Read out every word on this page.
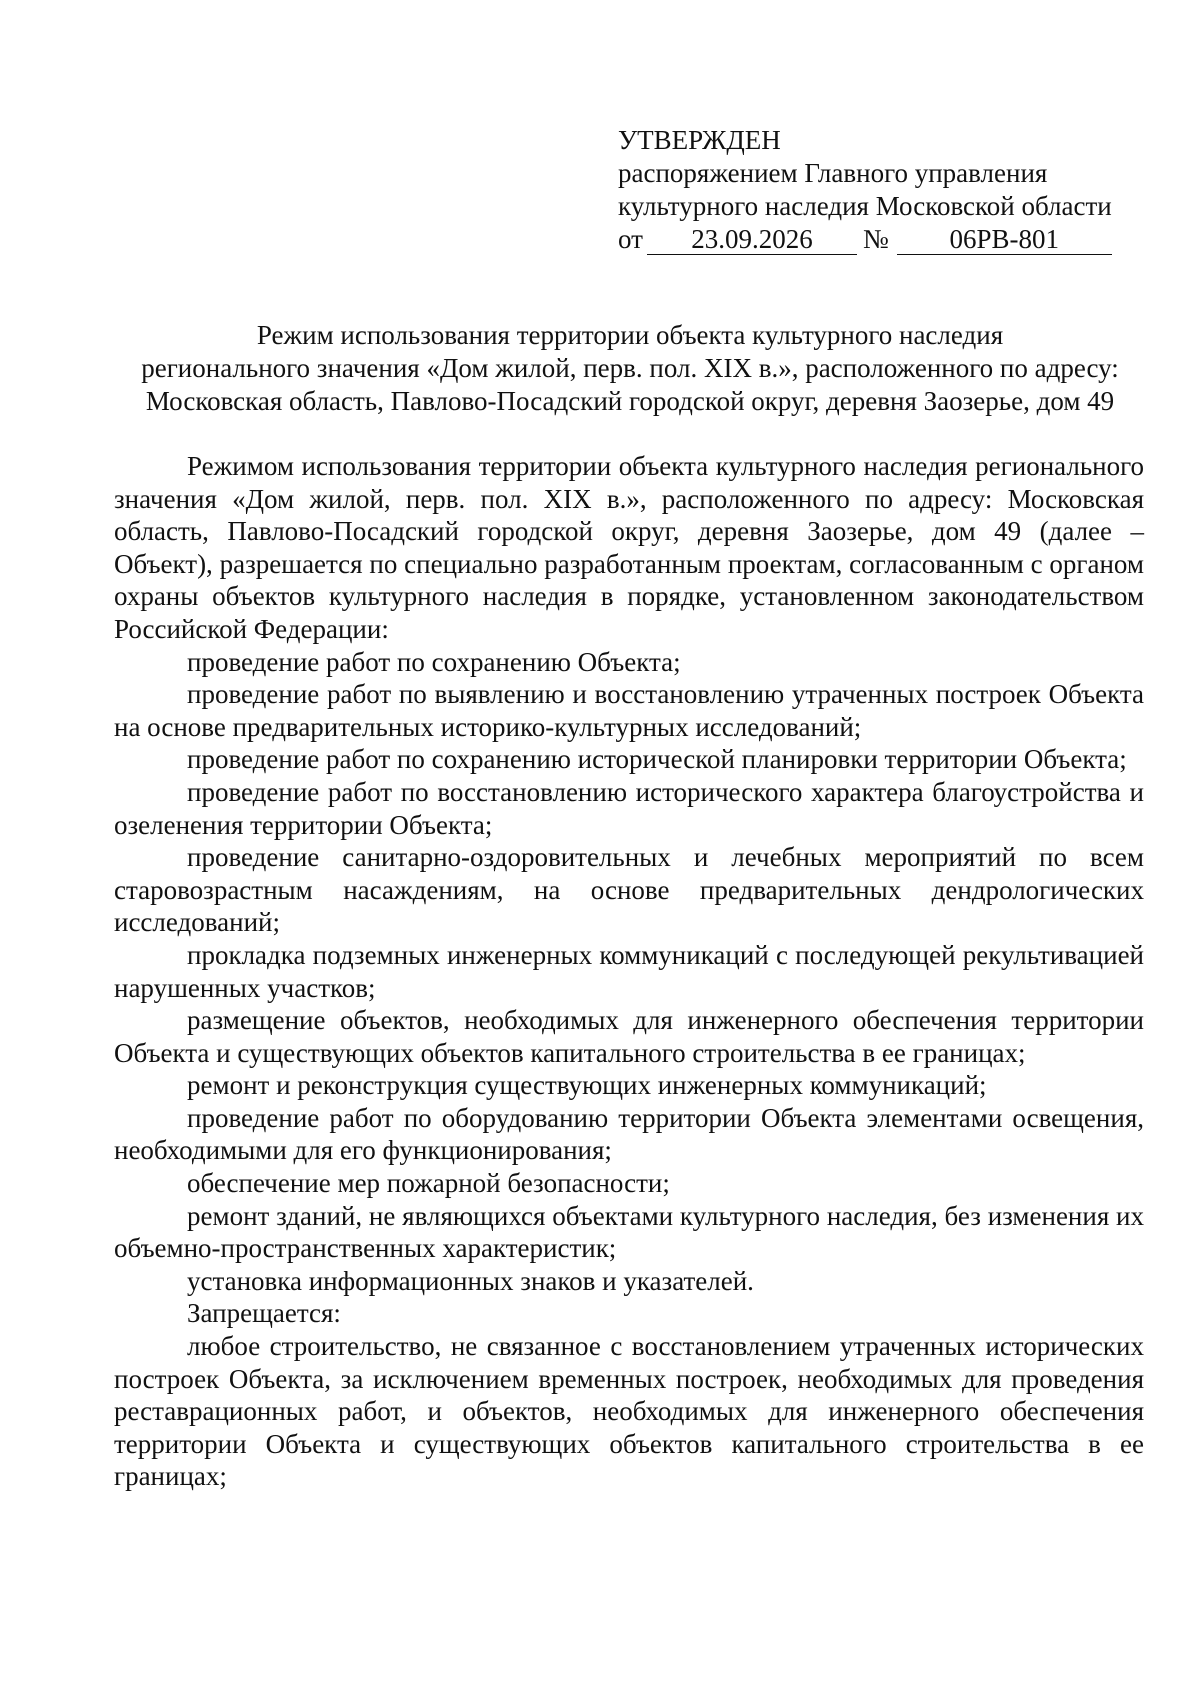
УТВЕРЖДЕН
распоряжением Главного управления
культурного наследия Московской области
от	23.09.2026	№	06РВ-801
Режим использования территории объекта культурного наследия
регионального значения «Дом жилой, перв. пол. XIX в.», расположенного по адресу:
Московская область, Павлово-Посадский городской округ, деревня Заозерье, дом 49

Режимом использования территории объекта культурного наследия регионального значения «Дом жилой, перв. пол. XIX в.», расположенного по адресу: Московская область, Павлово-Посадский городской округ, деревня Заозерье, дом 49 (далее – Объект), разрешается по специально разработанным проектам, согласованным с органом охраны объектов культурного наследия в порядке, установленном законодательством Российской Федерации:

проведение работ по сохранению Объекта;

проведение работ по выявлению и восстановлению утраченных построек Объекта на основе предварительных историко-культурных исследований;

проведение работ по сохранению исторической планировки территории Объекта;

проведение работ по восстановлению исторического характера благоустройства и озеленения территории Объекта;

проведение санитарно-оздоровительных и лечебных мероприятий по всем старовозрастным насаждениям, на основе предварительных дендрологических исследований;

прокладка подземных инженерных коммуникаций с последующей рекультивацией нарушенных участков;

размещение объектов, необходимых для инженерного обеспечения территории Объекта и существующих объектов капитального строительства в ее границах;

ремонт и реконструкция существующих инженерных коммуникаций;

проведение работ по оборудованию территории Объекта элементами освещения, необходимыми для его функционирования;

обеспечение мер пожарной безопасности;

ремонт зданий, не являющихся объектами культурного наследия, без изменения их объемно-пространственных характеристик;

установка информационных знаков и указателей.

Запрещается:

любое строительство, не связанное с восстановлением утраченных исторических построек Объекта, за исключением временных построек, необходимых для проведения реставрационных работ, и объектов, необходимых для инженерного обеспечения территории Объекта и существующих объектов капитального строительства в ее границах;
